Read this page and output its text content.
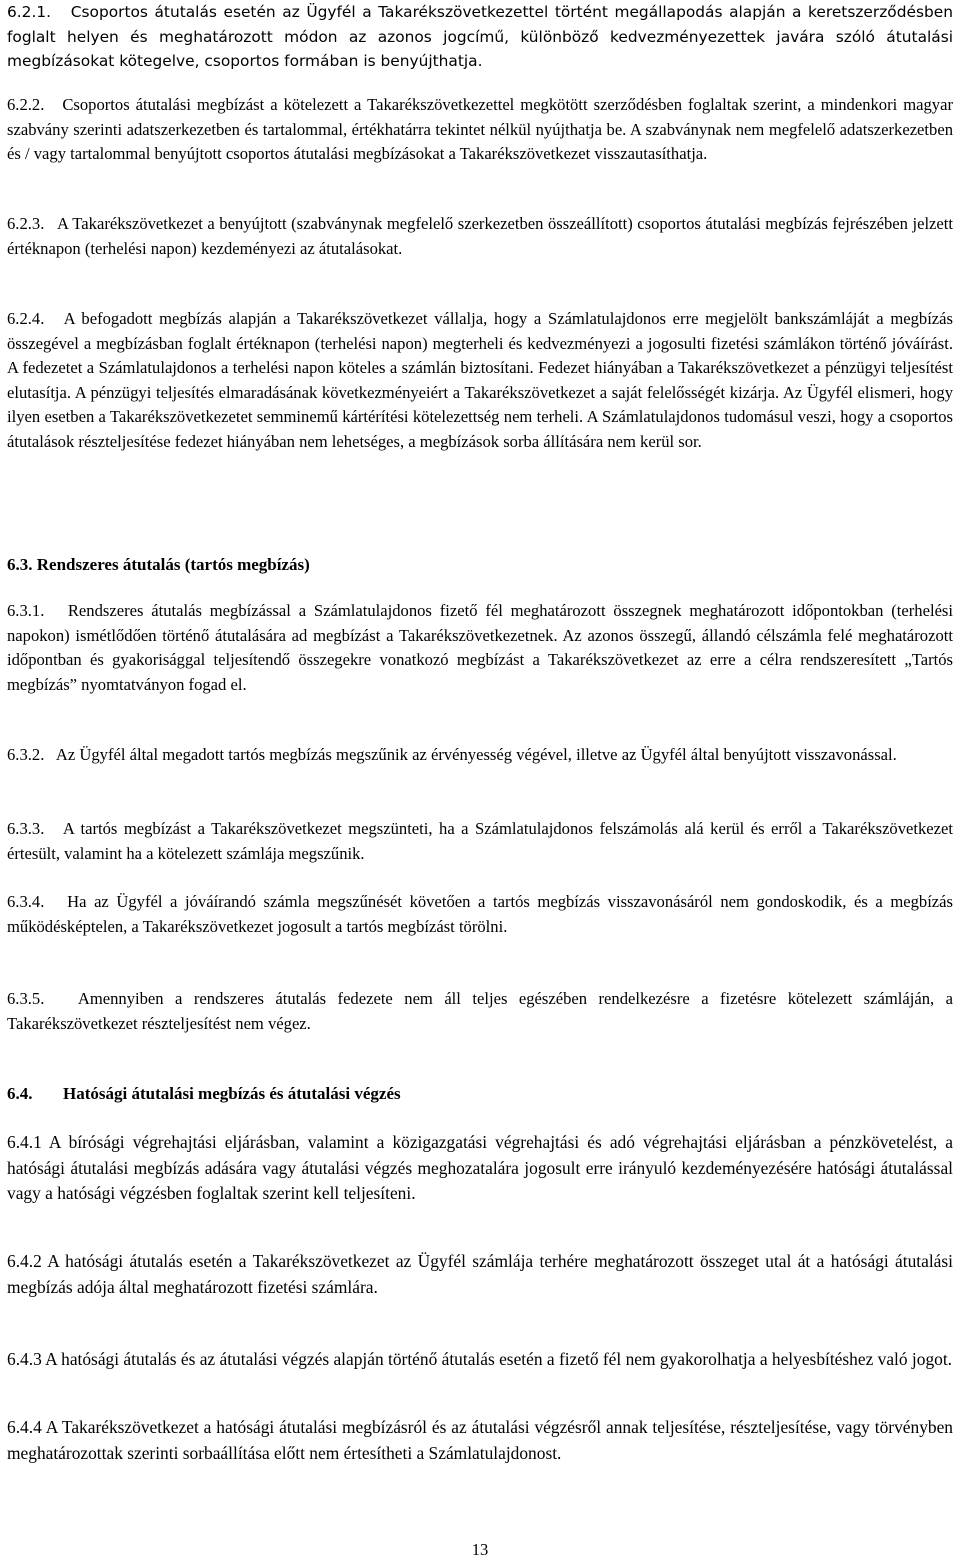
6.2.1. Csoportos átutalás esetén az Ügyfél a Takarékszövetkezettel történt megállapodás alapján a keretszerződésben foglalt helyen és meghatározott módon az azonos jogcímű, különböző kedvezményezettek javára szóló átutalási megbízásokat kötegelve, csoportos formában is benyújthatja.

6.2.2. Csoportos átutalási megbízást a kötelezett a Takarékszövetkezettel megkötött szerződésben foglaltak szerint, a mindenkori magyar szabvány szerinti adatszerkezetben és tartalommal, értékhatárra tekintet nélkül nyújthatja be. A szabványnak nem megfelelő adatszerkezetben és / vagy tartalommal benyújtott csoportos átutalási megbízásokat a Takarékszövetkezet visszautasíthatja.

6.2.3. A Takarékszövetkezet a benyújtott (szabványnak megfelelő szerkezetben összeállított) csoportos átutalási megbízás fejrészében jelzett értéknapon (terhelési napon) kezdeményezi az átutalásokat.

6.2.4. A befogadott megbízás alapján a Takarékszövetkezet vállalja, hogy a Számlatulajdonos erre megjelölt bankszámláját a megbízás összegével a megbízásban foglalt értéknapon (terhelési napon) megterheli és kedvezményezi a jogosulti fizetési számlákon történő jóváírást. A fedezetet a Számlatulajdonos a terhelési napon köteles a számlán biztosítani. Fedezet hiányában a Takarékszövetkezet a pénzügyi teljesítést elutasítja. A pénzügyi teljesítés elmaradásának következményeiért a Takarékszövetkezet a saját felelősségét kizárja. Az Ügyfél elismeri, hogy ilyen esetben a Takarékszövetkezetet semminemű kártérítési kötelezettség nem terheli. A Számlatulajdonos tudomásul veszi, hogy a csoportos átutalások részteljesítése fedezet hiányában nem lehetséges, a megbízások sorba állítására nem kerül sor.

6.3. Rendszeres átutalás (tartós megbízás)

6.3.1. Rendszeres átutalás megbízással a Számlatulajdonos fizető fél meghatározott összegnek meghatározott időpontokban (terhelési napokon) ismétlődően történő átutalására ad megbízást a Takarékszövetkezetnek. Az azonos összegű, állandó célszámla felé meghatározott időpontban és gyakorisággal teljesítendő összegekre vonatkozó megbízást a Takarékszövetkezet az erre a célra rendszeresített „Tartós megbízás” nyomtatványon fogad el.

6.3.2. Az Ügyfél által megadott tartós megbízás megszűnik az érvényesség végével, illetve az Ügyfél által benyújtott visszavonással.

6.3.3. A tartós megbízást a Takarékszövetkezet megszünteti, ha a Számlatulajdonos felszámolás alá kerül és erről a Takarékszövetkezet értesült, valamint ha a kötelezett számlája megszűnik.

6.3.4. Ha az Ügyfél a jóváírandó számla megszűnését követően a tartós megbízás visszavonásáról nem gondoskodik, és a megbízás működésképtelen, a Takarékszövetkezet jogosult a tartós megbízást törölni.

6.3.5. Amennyiben a rendszeres átutalás fedezete nem áll teljes egészében rendelkezésre a fizetésre kötelezett számláján, a Takarékszövetkezet részteljesítést nem végez.

6.4. Hatósági átutalási megbízás és átutalási végzés

6.4.1 A bírósági végrehajtási eljárásban, valamint a közigazgatási végrehajtási és adó végrehajtási eljárásban a pénzkövetelést, a hatósági átutalási megbízás adására vagy átutalási végzés meghozatalára jogosult erre irányuló kezdeményezésére hatósági átutalással vagy a hatósági végzésben foglaltak szerint kell teljesíteni.

6.4.2 A hatósági átutalás esetén a Takarékszövetkezet az Ügyfél számlája terhére meghatározott összeget utal át a hatósági átutalási megbízás adója által meghatározott fizetési számlára.

6.4.3 A hatósági átutalás és az átutalási végzés alapján történő átutalás esetén a fizető fél nem gyakorolhatja a helyesbítéshez való jogot.

6.4.4 A Takarékszövetkezet a hatósági átutalási megbízásról és az átutalási végzésről annak teljesítése, részteljesítése, vagy törvényben meghatározottak szerinti sorbaállítása előtt nem értesítheti a Számlatulajdonost.

13
